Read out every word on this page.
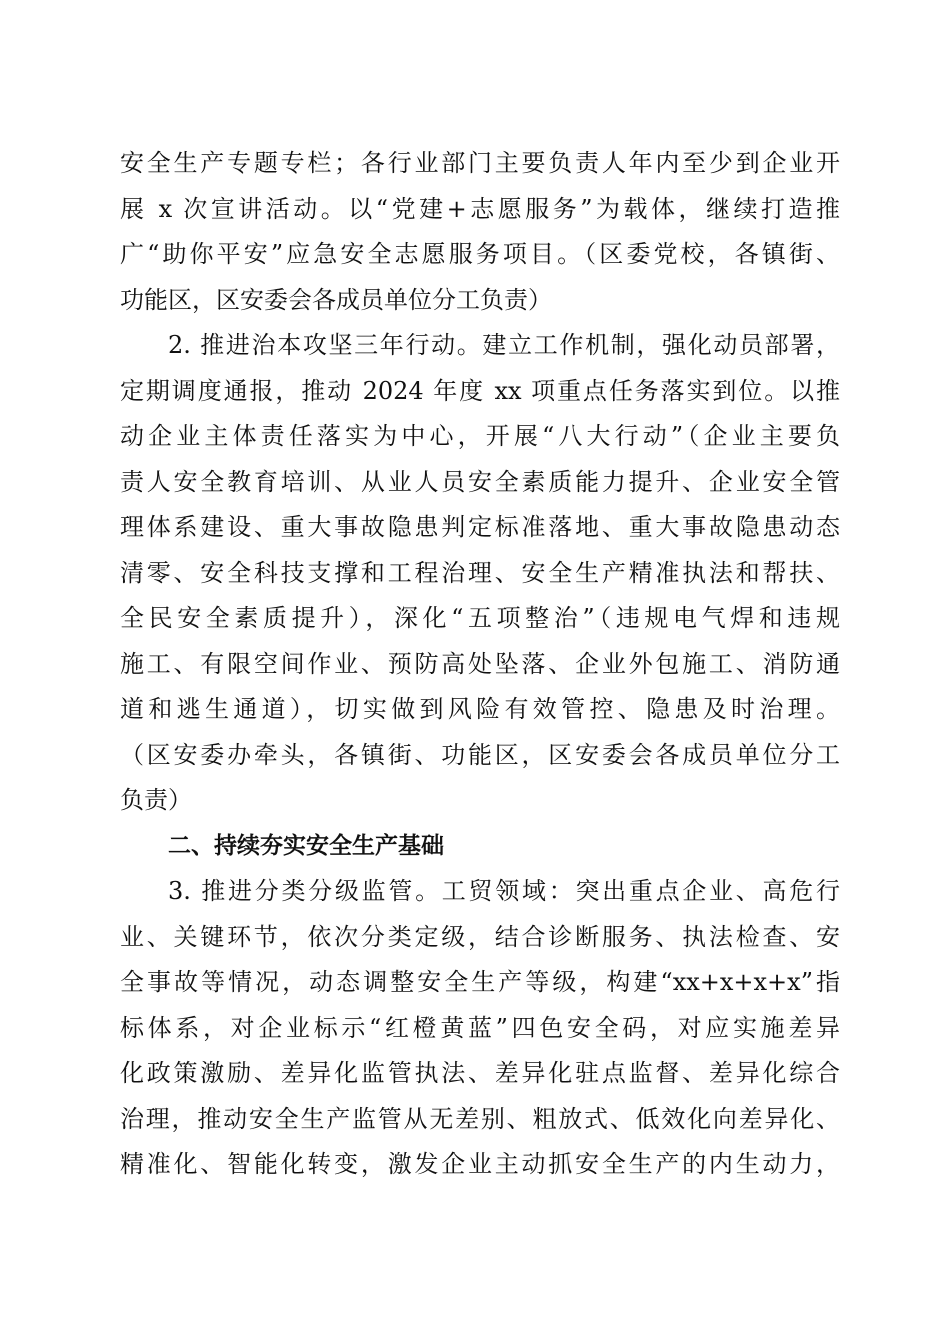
安全生产专题专栏；各行业部门主要负责人年内至少到企业开
展 x 次宣讲活动。以“党建+志愿服务”为载体，继续打造推
广“助你平安”应急安全志愿服务项目。（区委党校，各镇街、
功能区，区安委会各成员单位分工负责）
2. 推进治本攻坚三年行动。建立工作机制，强化动员部署，
定期调度通报，推动 2024 年度 xx 项重点任务落实到位。以推
动企业主体责任落实为中心，开展“八大行动”（企业主要负
责人安全教育培训、从业人员安全素质能力提升、企业安全管
理体系建设、重大事故隐患判定标准落地、重大事故隐患动态
清零、安全科技支撑和工程治理、安全生产精准执法和帮扶、
全民安全素质提升），深化“五项整治”（违规电气焊和违规
施工、有限空间作业、预防高处坠落、企业外包施工、消防通
道和逃生通道），切实做到风险有效管控、隐患及时治理。
（区安委办牵头，各镇街、功能区，区安委会各成员单位分工
负责）
二、持续夯实安全生产基础
3. 推进分类分级监管。工贸领域：突出重点企业、高危行
业、关键环节，依次分类定级，结合诊断服务、执法检查、安
全事故等情况，动态调整安全生产等级，构建“xx+x+x+x”指
标体系，对企业标示“红橙黄蓝”四色安全码，对应实施差异
化政策激励、差异化监管执法、差异化驻点监督、差异化综合
治理，推动安全生产监管从无差别、粗放式、低效化向差异化、
精准化、智能化转变，激发企业主动抓安全生产的内生动力，
